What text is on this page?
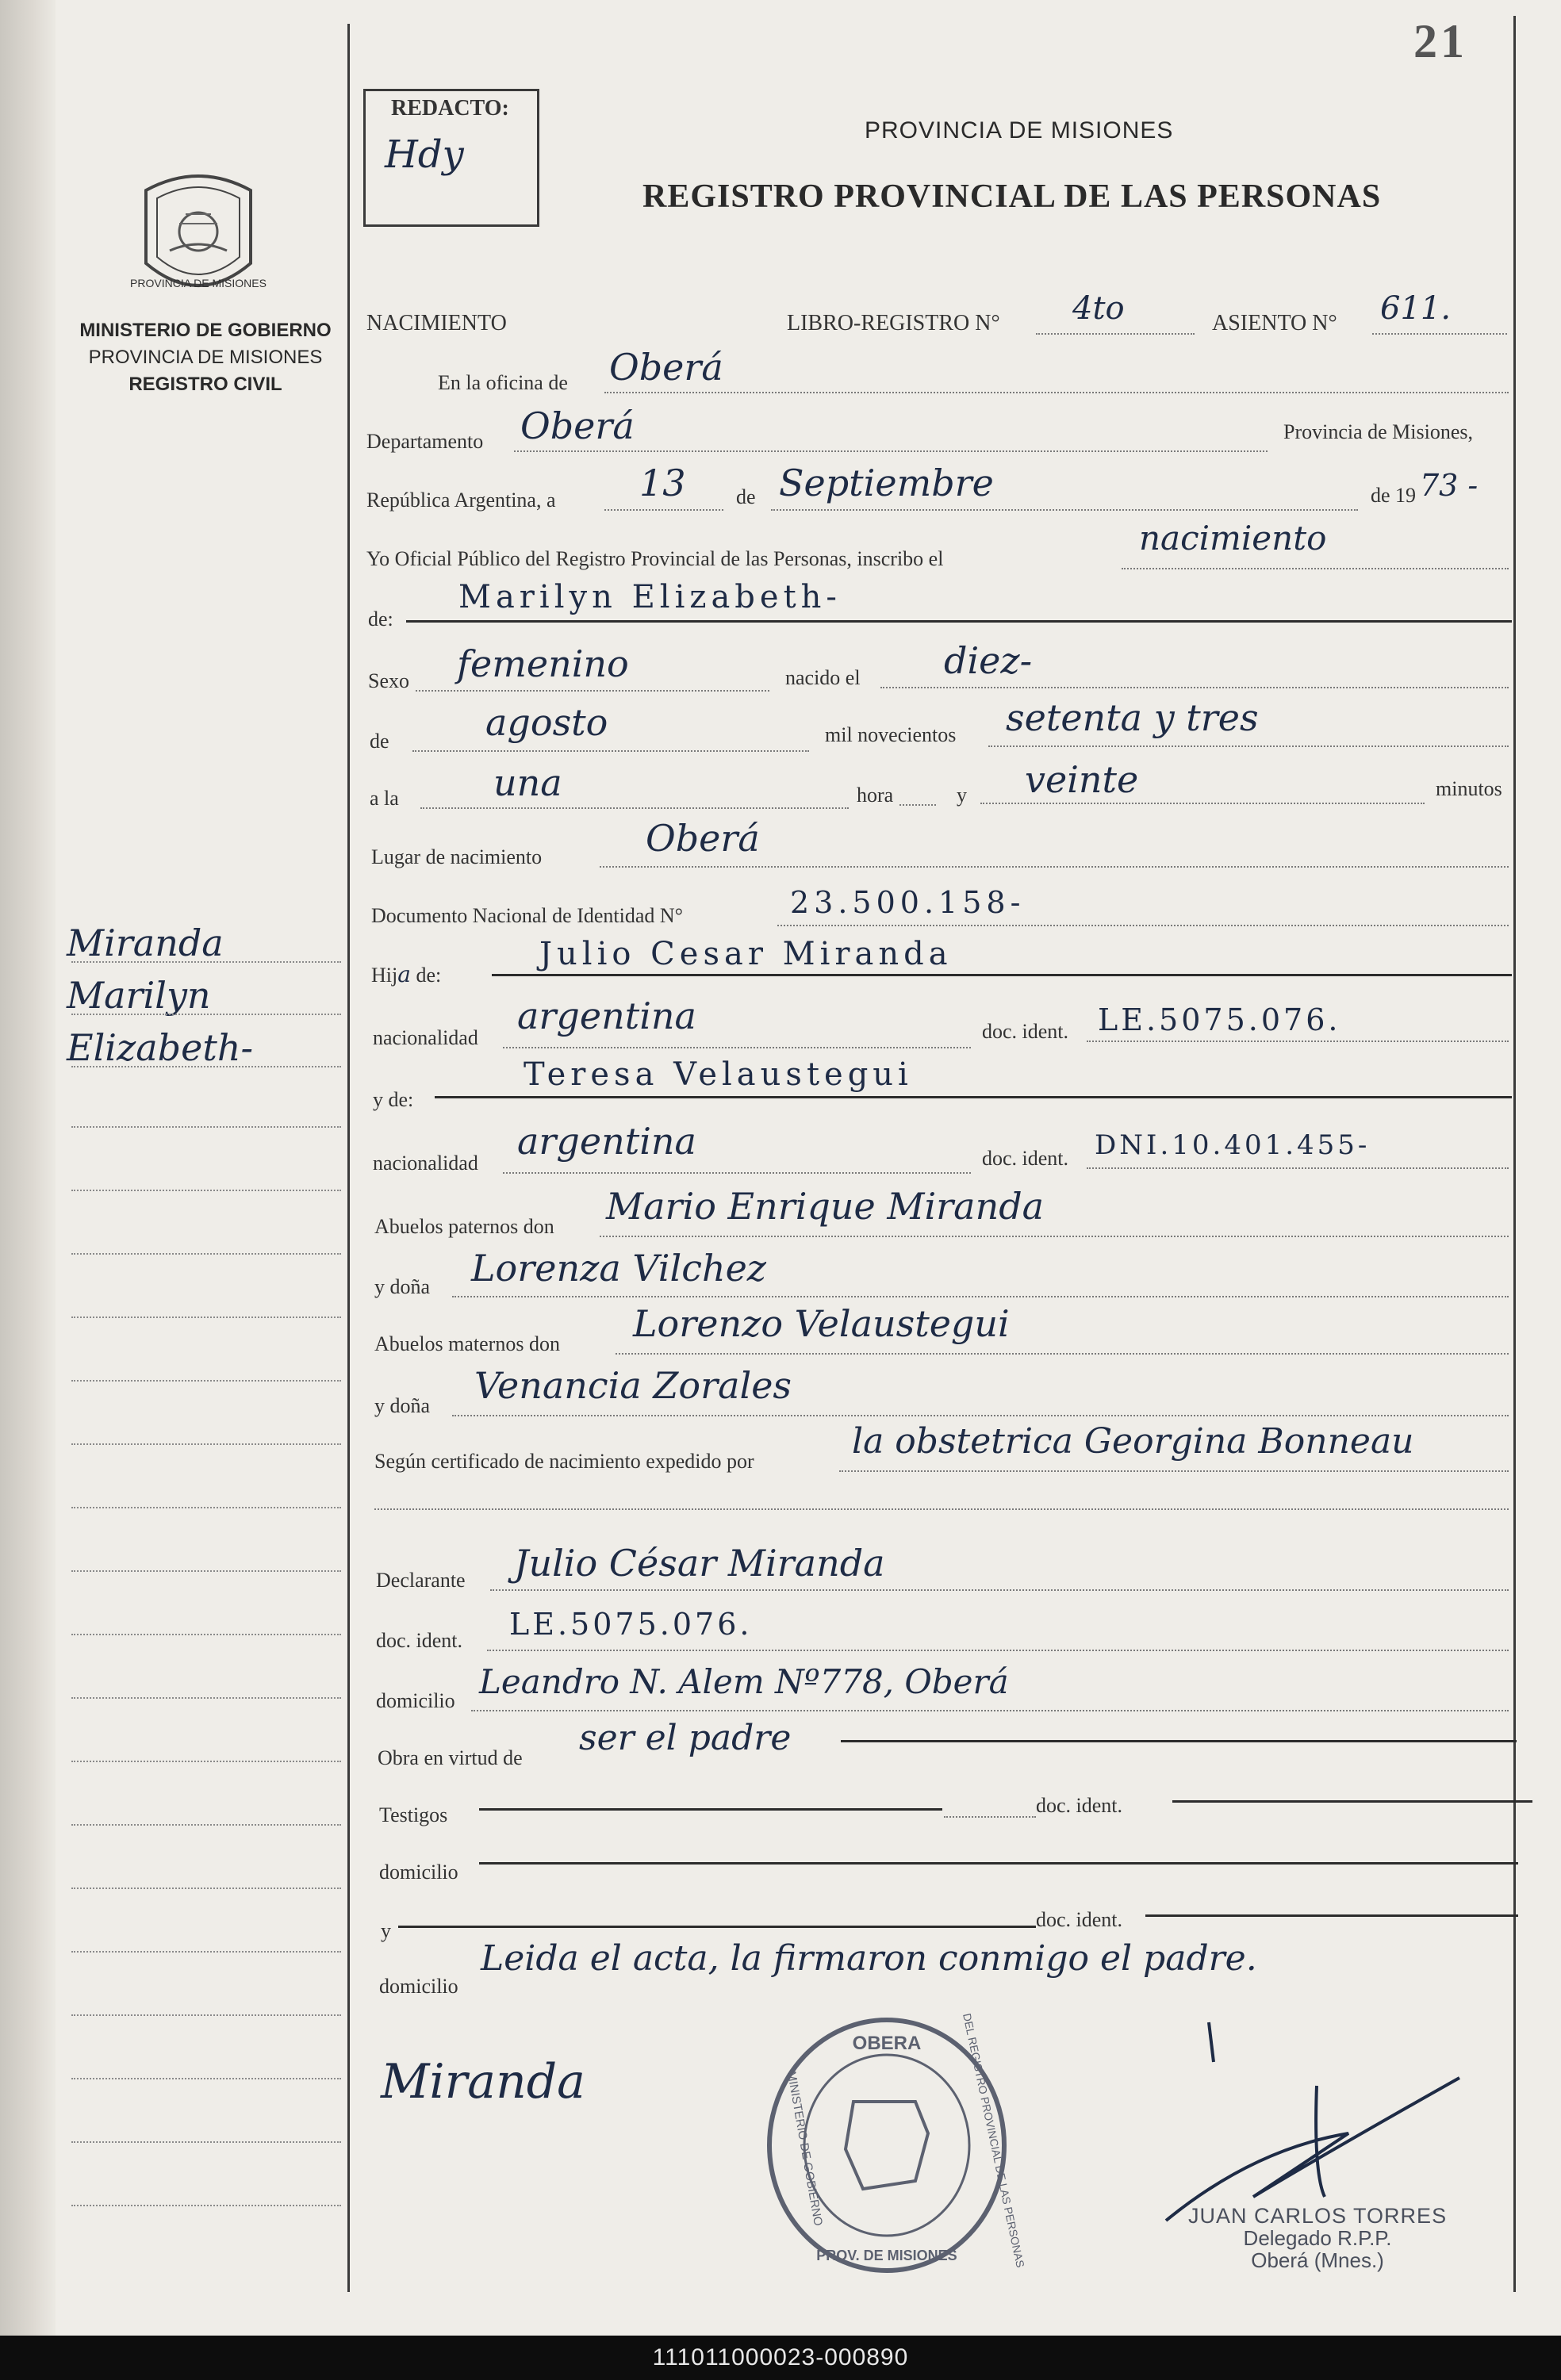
21
REDACTO:
Hdy
PROVINCIA DE MISIONES
REGISTRO PROVINCIAL DE LAS PERSONAS
PROVINCIA DE MISIONES
MINISTERIO DE GOBIERNO
PROVINCIA DE MISIONES
REGISTRO CIVIL
Miranda
Marilyn
Elizabeth-
NACIMIENTO	LIBRO-REGISTRO N° 4to	ASIENTO N° 611.
En la oficina de Oberá
Departamento Oberá	Provincia de Misiones,
República Argentina, a 13 de Septiembre	de 19 73 -
Yo Oficial Público del Registro Provincial de las Personas, inscribo el
nacimiento
de:
Marilyn Elizabeth-
Sexo femenino	nacido el diez-
de	agosto	mil novecientos setenta y tres
a la	una	hora	y veinte	minutos
Lugar de nacimiento	Oberá
Documento Nacional de Identidad N°	23.500.158-
Hija de:
Julio Cesar Miranda
nacionalidad
argentina	doc. ident. LE.5075.076.
y de:
Teresa Velaustegui
nacionalidad
argentina	doc. ident. DNI.10.401.455-
Abuelos paternos don Mario Enrique Miranda
y doña Lorenza Vilchez
Abuelos maternos don Lorenzo Velaustegui
y doña Venancia Zorales
Según certificado de nacimiento expedido por	la obstetrica Georgina Bonneau
Declarante Julio César Miranda
doc. ident. LE.5075.076.
domicilio Leandro N. Alem Nº778, Oberá
Obra en virtud de ser el padre
Testigos	doc. ident.
domicilio
y	doc. ident.
domicilio
Leida el acta, la firmaron conmigo el padre.
Miranda
OBERA	DEL REGISTRO PROVINCIAL DE LAS PERSONAS
MINISTERIO DE GOBIERNO
PROV. DE MISIONES
JUAN CARLOS TORRES
Delegado R.P.P.
Oberá (Mnes.)
111011000023-000890
